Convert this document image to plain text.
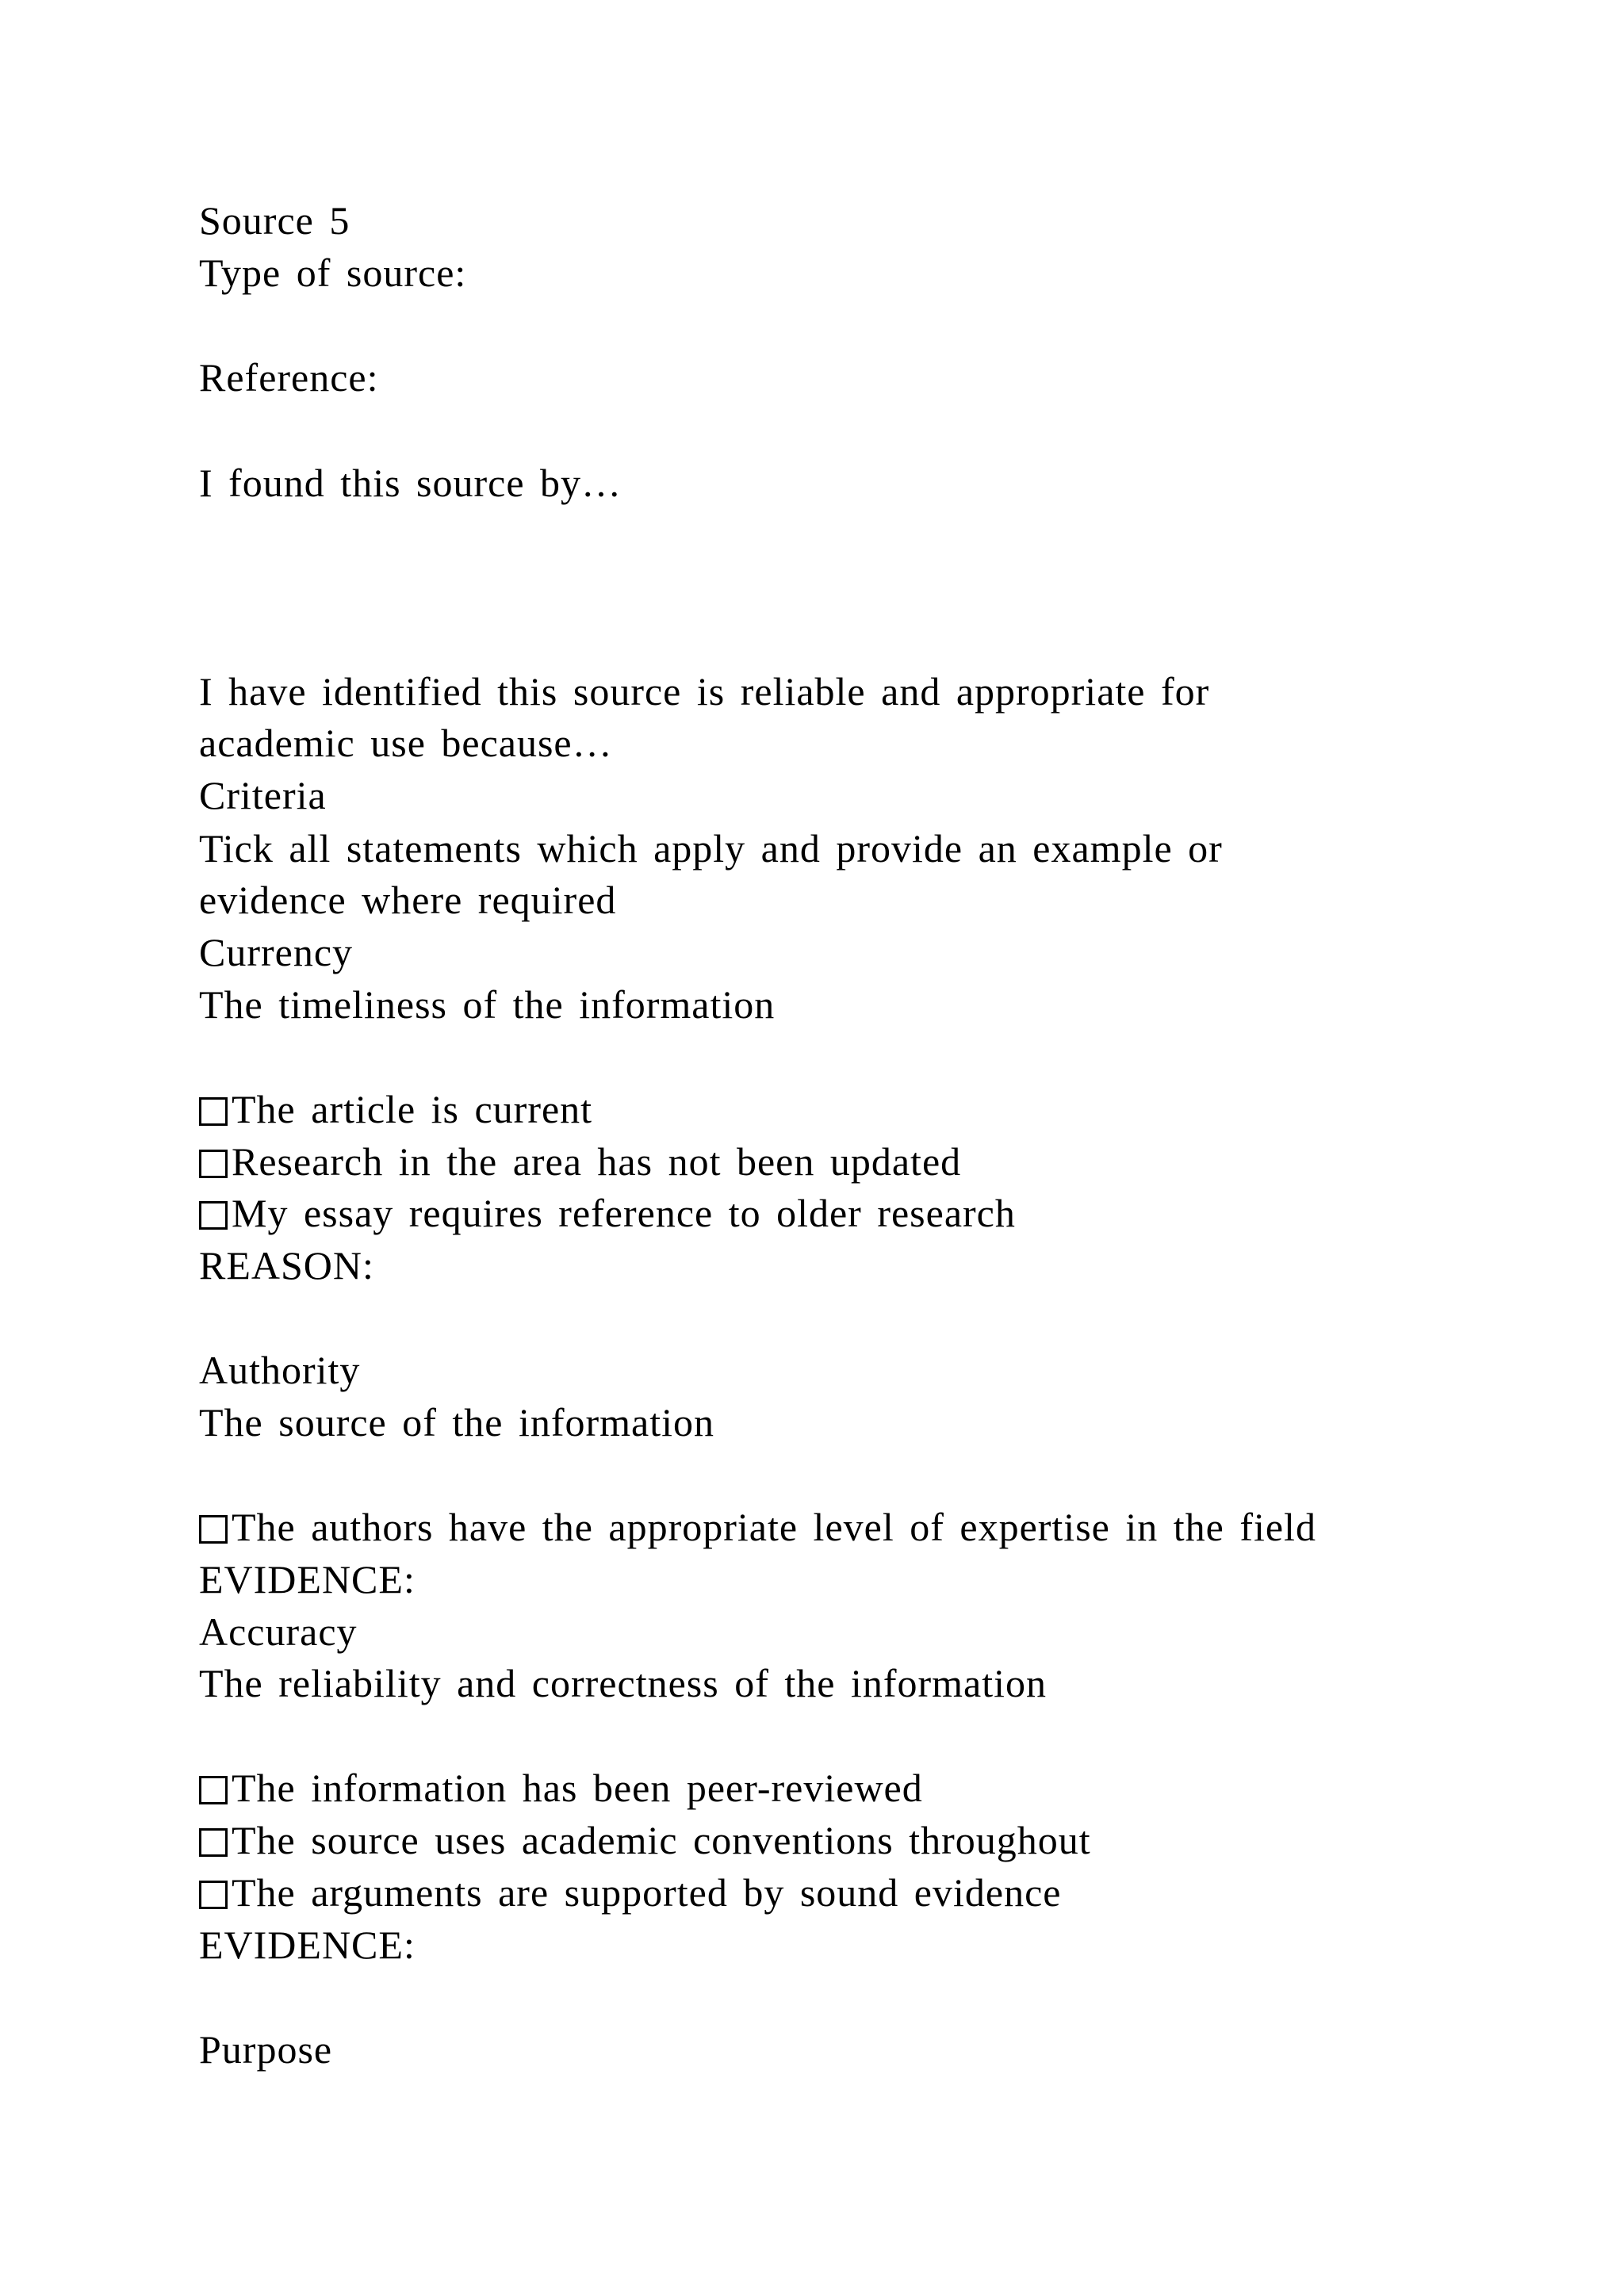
Source 5
Type of source:
Reference:
I found this source by…
I have identified this source is reliable and appropriate for
academic use because…
Criteria
Tick all statements which apply and provide an example or
evidence where required
Currency
The timeliness of the information
The article is current
Research in the area has not been updated
My essay requires reference to older research
REASON:
Authority
The source of the information
The authors have the appropriate level of expertise in the field
EVIDENCE:
Accuracy
The reliability and correctness of the information
The information has been peer-reviewed
The source uses academic conventions throughout
The arguments are supported by sound evidence
EVIDENCE:
Purpose
